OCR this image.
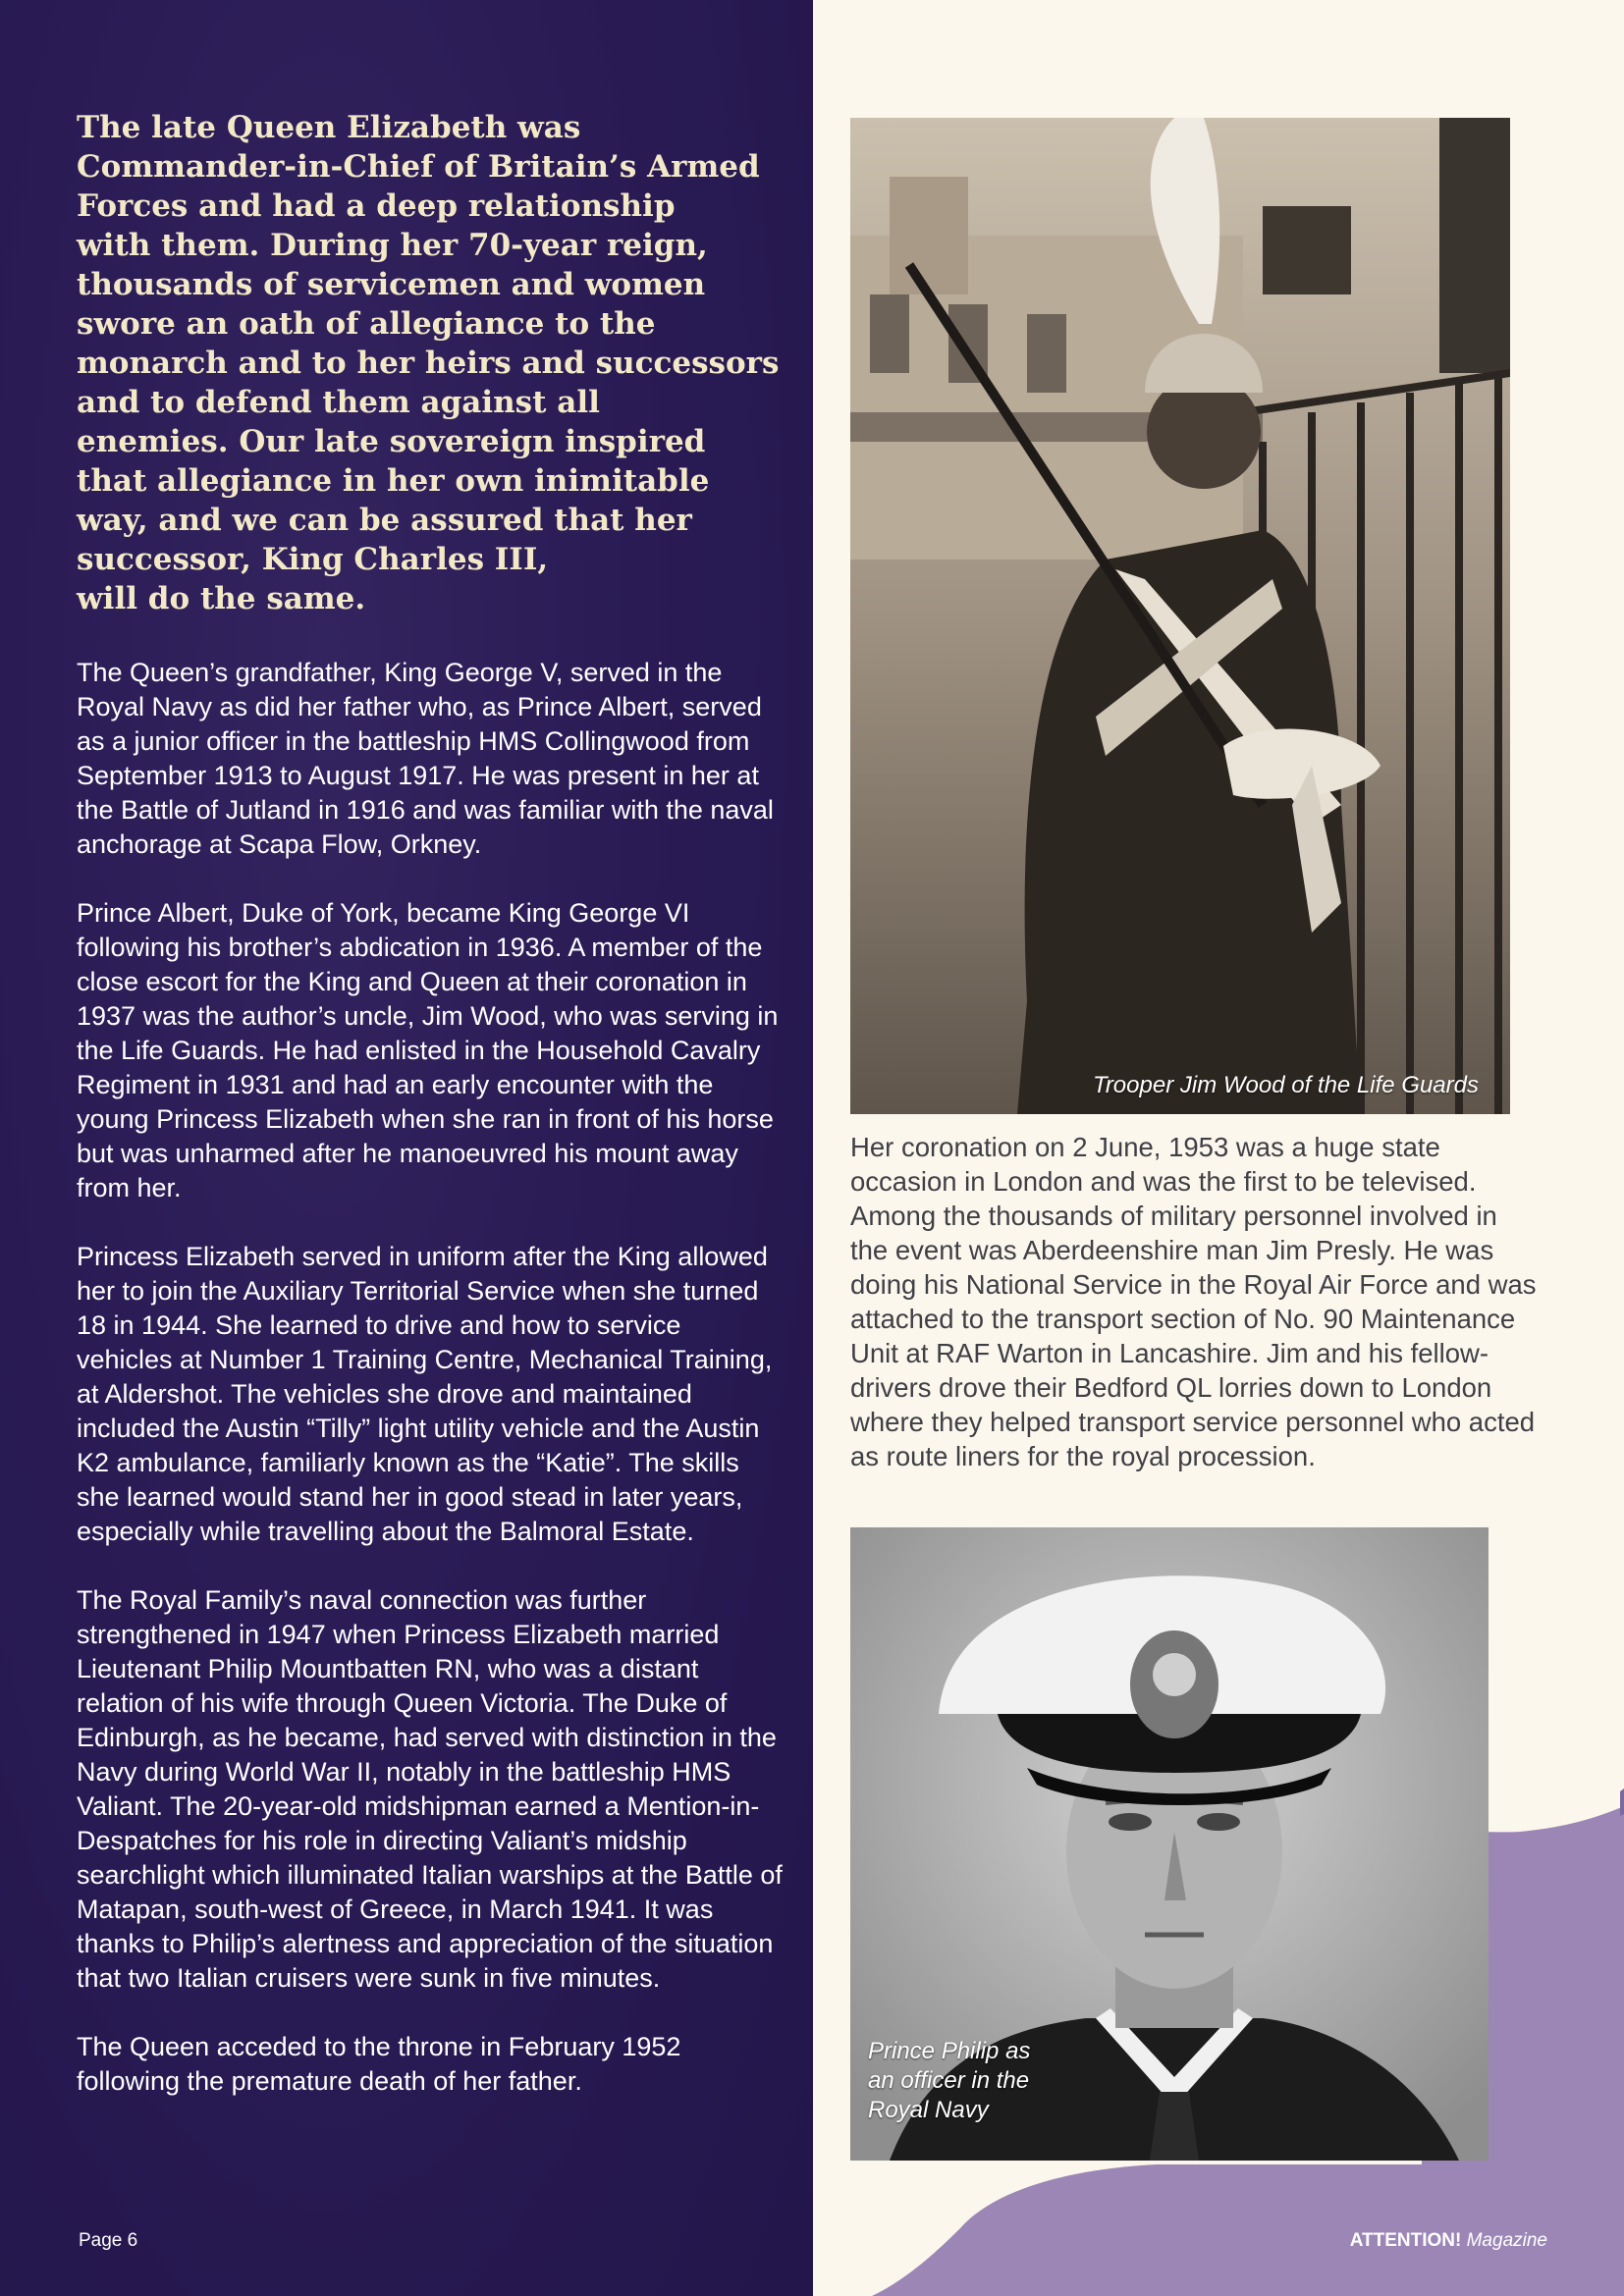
The late Queen Elizabeth was
Commander-in-Chief of Britain’s Armed
Forces and had a deep relationship
with them. During her 70-year reign,
thousands of servicemen and women
swore an oath of allegiance to the
monarch and to her heirs and successors
and to defend them against all
enemies. Our late sovereign inspired
that allegiance in her own inimitable
way, and we can be assured that her
successor, King Charles III,
will do the same.

The Queen’s grandfather, King George V, served in the Royal Navy as did her father who, as Prince Albert, served as a junior officer in the battleship HMS Collingwood from September 1913 to August 1917. He was present in her at the Battle of Jutland in 1916 and was familiar with the naval anchorage at Scapa Flow, Orkney.

Prince Albert, Duke of York, became King George VI following his brother’s abdication in 1936. A member of the close escort for the King and Queen at their coronation in 1937 was the author’s uncle, Jim Wood, who was serving in the Life Guards. He had enlisted in the Household Cavalry Regiment in 1931 and had an early encounter with the young Princess Elizabeth when she ran in front of his horse but was unharmed after he manoeuvred his mount away from her.

Princess Elizabeth served in uniform after the King allowed her to join the Auxiliary Territorial Service when she turned 18 in 1944. She learned to drive and how to service vehicles at Number 1 Training Centre, Mechanical Training, at Aldershot. The vehicles she drove and maintained included the Austin “Tilly” light utility vehicle and the Austin K2 ambulance, familiarly known as the “Katie”. The skills she learned would stand her in good stead in later years, especially while travelling about the Balmoral Estate.

The Royal Family’s naval connection was further strengthened in 1947 when Princess Elizabeth married Lieutenant Philip Mountbatten RN, who was a distant relation of his wife through Queen Victoria. The Duke of Edinburgh, as he became, had served with distinction in the Navy during World War II, notably in the battleship HMS Valiant. The 20-year-old midshipman earned a Mention-in-Despatches for his role in directing Valiant’s midship searchlight which illuminated Italian warships at the Battle of Matapan, south-west of Greece, in March 1941. It was thanks to Philip’s alertness and appreciation of the situation that two Italian cruisers were sunk in five minutes.

The Queen acceded to the throne in February 1952 following the premature death of her father.

Trooper Jim Wood of the Life Guards

Her coronation on 2 June, 1953 was a huge state occasion in London and was the first to be televised. Among the thousands of military personnel involved in the event was Aberdeenshire man Jim Presly. He was doing his National Service in the Royal Air Force and was attached to the transport section of No. 90 Maintenance Unit at RAF Warton in Lancashire. Jim and his fellow-drivers drove their Bedford QL lorries down to London where they helped transport service personnel who acted as route liners for the royal procession.

Prince Philip as
an officer in the
Royal Navy
Page 6	ATTENTION! Magazine
